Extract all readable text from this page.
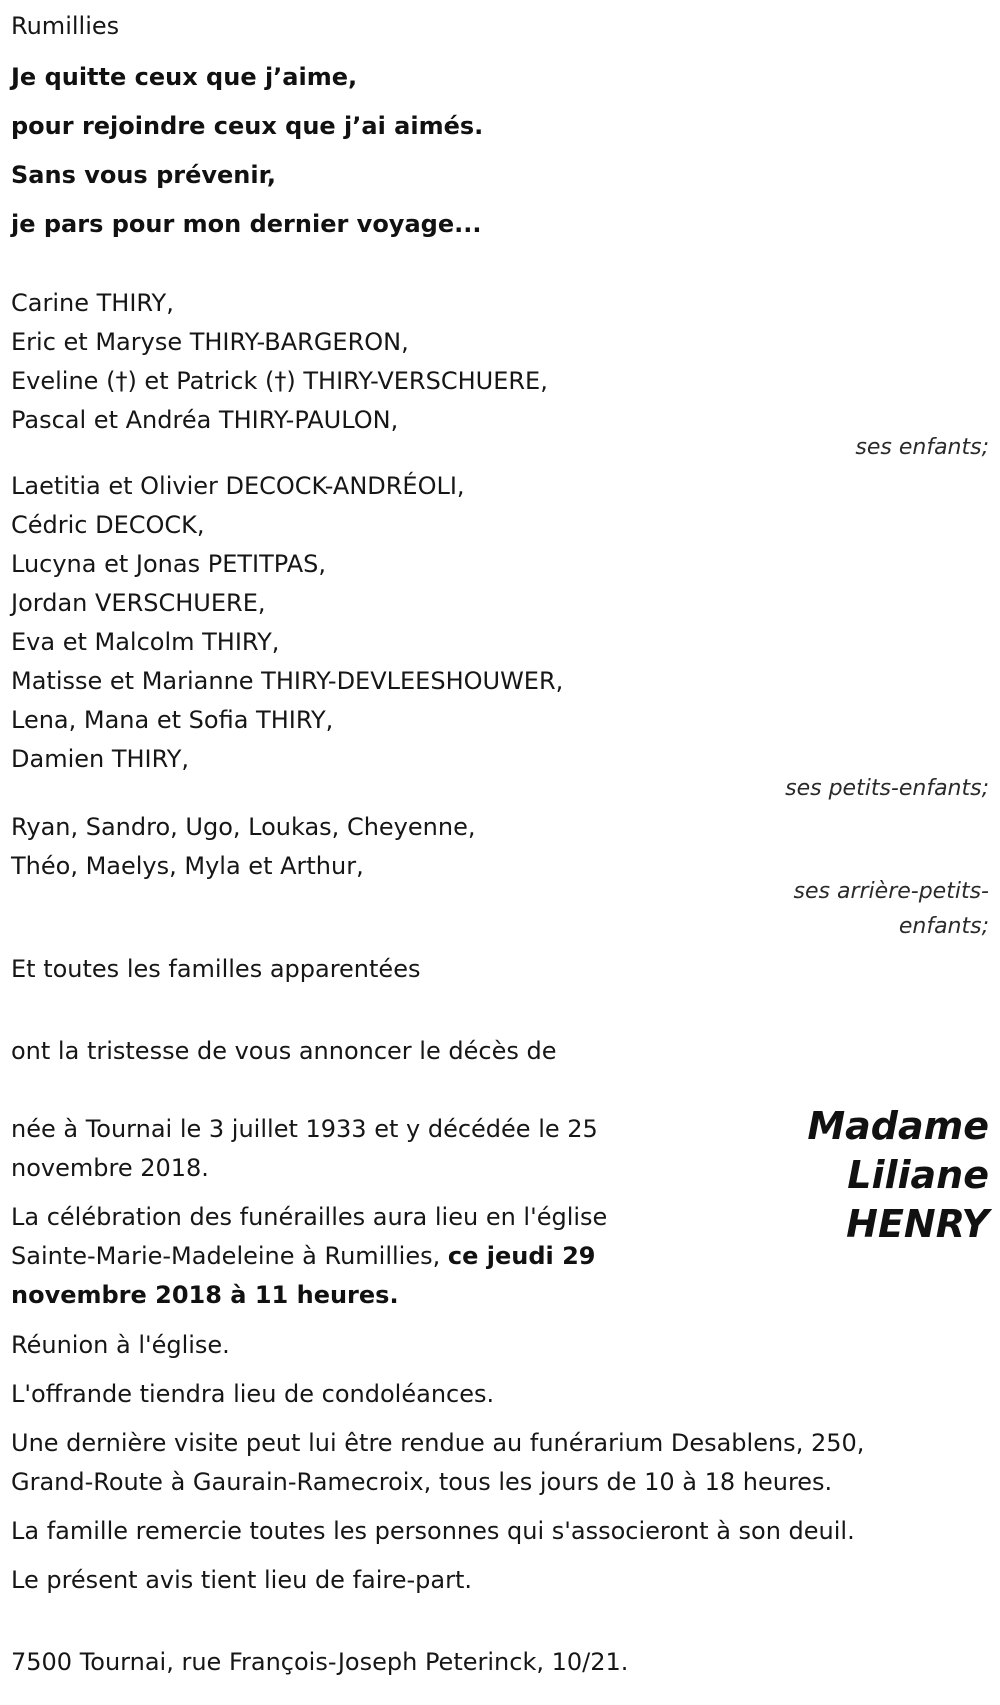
Rumillies
Je quitte ceux que j’aime,
pour rejoindre ceux que j’ai aimés.
Sans vous prévenir,
je pars pour mon dernier voyage...
Carine THIRY,
Eric et Maryse THIRY-BARGERON,
Eveline (†) et Patrick (†) THIRY-VERSCHUERE,
Pascal et Andréa THIRY-PAULON,
ses enfants;
Laetitia et Olivier DECOCK-ANDRÉOLI,
Cédric DECOCK,
Lucyna et Jonas PETITPAS,
Jordan VERSCHUERE,
Eva et Malcolm THIRY,
Matisse et Marianne THIRY-DEVLEESHOUWER,
Lena, Mana et Sofia THIRY,
Damien THIRY,
ses petits-enfants;
Ryan, Sandro, Ugo, Loukas, Cheyenne,
Théo, Maelys, Myla et Arthur,
ses arrière-petits-
enfants;
Et toutes les familles apparentées
ont la tristesse de vous annoncer le décès de
Madame
Liliane
HENRY
née à Tournai le 3 juillet 1933 et y décédée le 25 novembre 2018.
La célébration des funérailles aura lieu en l'église Sainte-Marie-Madeleine à Rumillies, ce jeudi 29 novembre 2018 à 11 heures.
Réunion à l'église.
L'offrande tiendra lieu de condoléances.
Une dernière visite peut lui être rendue au funérarium Desablens, 250, Grand-Route à Gaurain-Ramecroix, tous les jours de 10 à 18 heures.
La famille remercie toutes les personnes qui s'associeront à son deuil.
Le présent avis tient lieu de faire-part.
7500 Tournai, rue François-Joseph Peterinck, 10/21.
